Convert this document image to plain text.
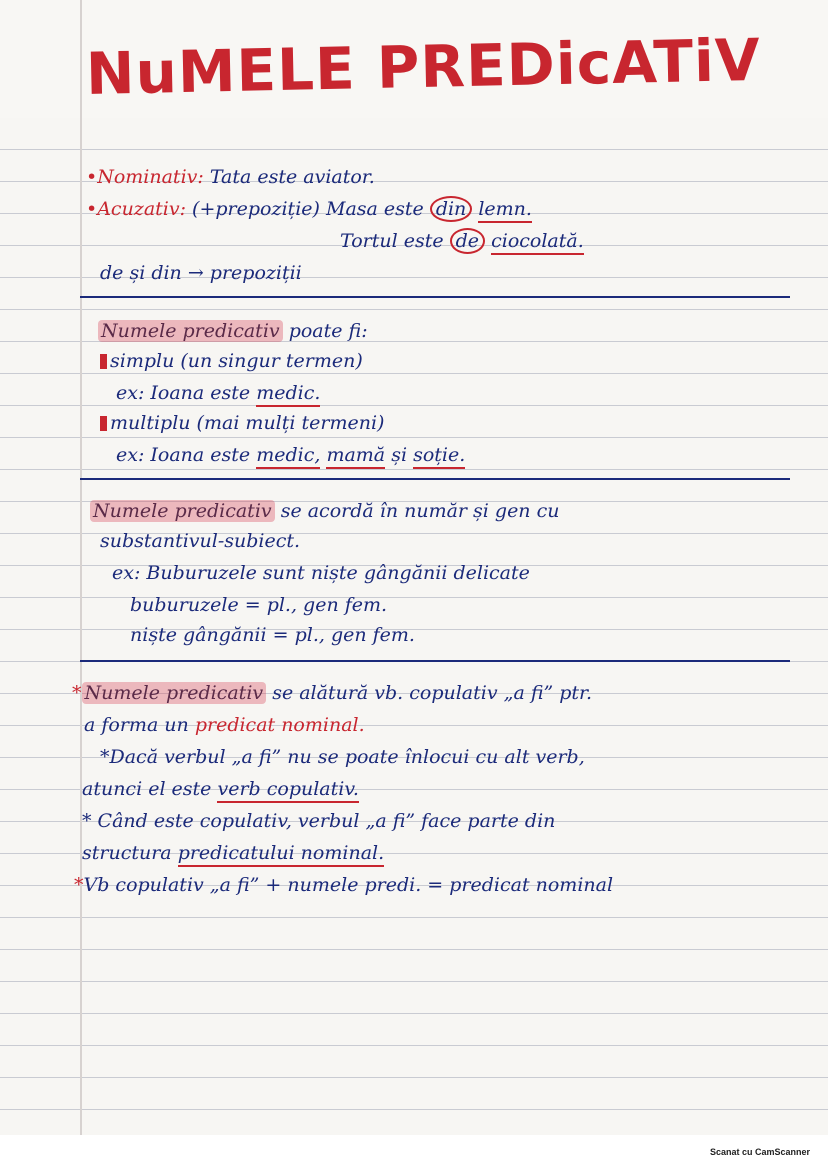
NuMELE PREDicATiV
•Nominativ: Tata este aviator.
•Acuzativ: (+prepoziție) Masa este din lemn.
Tortul este de ciocolată.
de și din → prepoziții
Numele predicativ poate fi:
simplu (un singur termen)
ex: Ioana este medic.
multiplu (mai mulți termeni)
ex: Ioana este medic, mamă și soție.
Numele predicativ se acordă în număr și gen cu
substantivul-subiect.
ex: Buburuzele sunt niște gângănii delicate
buburuzele = pl., gen fem.
niște gângănii = pl., gen fem.
* Numele predicativ se alătură vb. copulativ „a fi” ptr.
a forma un predicat nominal.
*Dacă verbul „a fi” nu se poate înlocui cu alt verb,
atunci el este verb copulativ.
* Când este copulativ, verbul „a fi” face parte din
structura predicatului nominal.
*Vb copulativ „a fi” + numele predi. = predicat nominal
Scanat cu CamScanner
